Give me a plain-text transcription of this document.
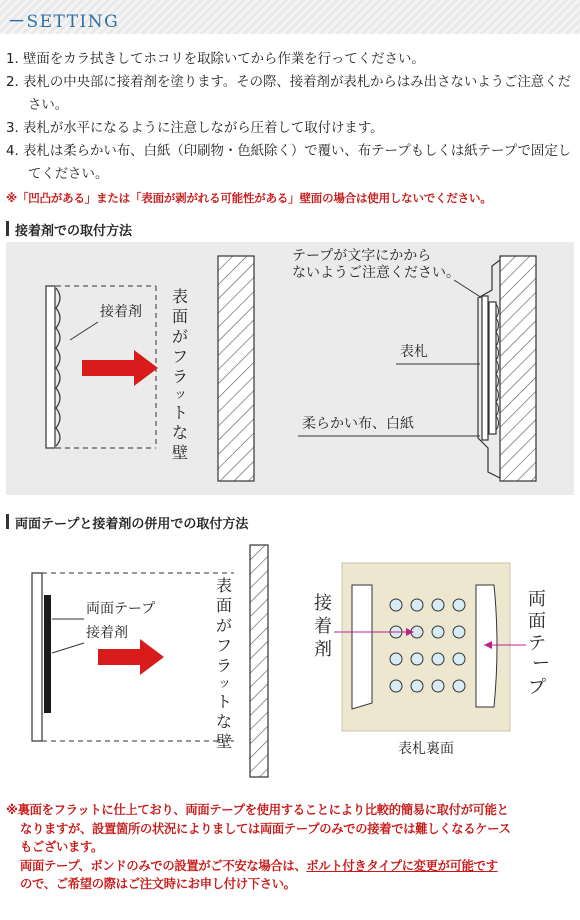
－SETTING
1. 壁面をカラ拭きしてホコリを取除いてから作業を行ってください。
2. 表札の中央部に接着剤を塗ります。その際、接着剤が表札からはみ出さないようご注意ください。
3. 表札が水平になるように注意しながら圧着して取付けます。
4. 表札は柔らかい布、白紙（印刷物・色紙除く）で覆い、布テープもしくは紙テープで固定してください。
※「凹凸がある」または「表面が剥がれる可能性がある」壁面の場合は使用しないでください。
接着剤での取付方法
接着剤
表面がフラットな壁
テープが文字にかから
ないようご注意ください。
表札
柔らかい布、白紙
両面テープと接着剤の併用での取付方法
両面テープ
接着剤
表面がフラットな壁
接着剤
両面テープ
表札裏面
※裏面をフラットに仕上ており、両面テープを使用することにより比較的簡易に取付が可能と
なりますが、設置箇所の状況によりましては両面テープのみでの接着では難しくなるケース
もございます。
両面テープ、ボンドのみでの設置がご不安な場合は、ボルト付きタイプに変更が可能です
ので、ご希望の際はご注文時にお申し付け下さい。
